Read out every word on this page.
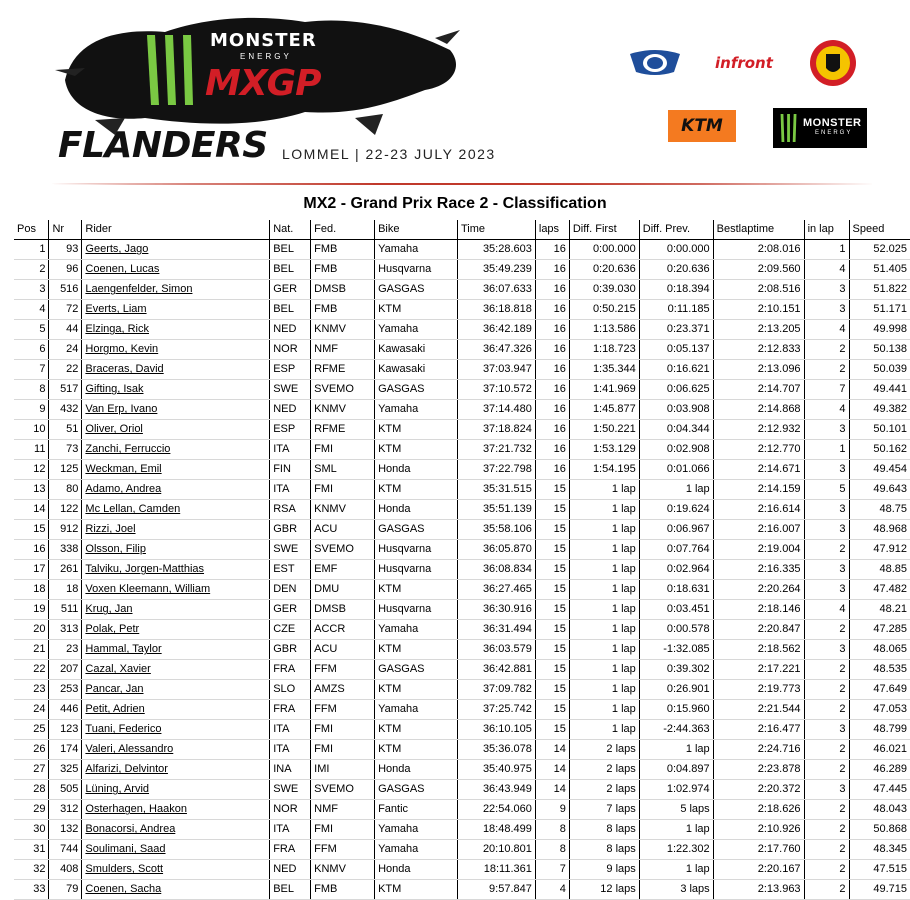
MONSTER
ENERGY
MXGP
FLANDERS LOMMEL | 22-23 JULY 2023
infront
KTM	MONSTER
ENERGY
MX2 - Grand Prix Race 2 - Classification
Pos	Nr	Rider	Nat.	Fed.	Bike	Time	laps	Diff. First	Diff. Prev.	Bestlaptime	in lap	Speed
1	93	Geerts, Jago	BEL	FMB	Yamaha	35:28.603	16	0:00.000	0:00.000	2:08.016	1	52.025
2	96	Coenen, Lucas	BEL	FMB	Husqvarna	35:49.239	16	0:20.636	0:20.636	2:09.560	4	51.405
3	516	Laengenfelder, Simon	GER	DMSB	GASGAS	36:07.633	16	0:39.030	0:18.394	2:08.516	3	51.822
4	72	Everts, Liam	BEL	FMB	KTM	36:18.818	16	0:50.215	0:11.185	2:10.151	3	51.171
5	44	Elzinga, Rick	NED	KNMV	Yamaha	36:42.189	16	1:13.586	0:23.371	2:13.205	4	49.998
6	24	Horgmo, Kevin	NOR	NMF	Kawasaki	36:47.326	16	1:18.723	0:05.137	2:12.833	2	50.138
7	22	Braceras, David	ESP	RFME	Kawasaki	37:03.947	16	1:35.344	0:16.621	2:13.096	2	50.039
8	517	Gifting, Isak	SWE	SVEMO	GASGAS	37:10.572	16	1:41.969	0:06.625	2:14.707	7	49.441
9	432	Van Erp, Ivano	NED	KNMV	Yamaha	37:14.480	16	1:45.877	0:03.908	2:14.868	4	49.382
10	51	Oliver, Oriol	ESP	RFME	KTM	37:18.824	16	1:50.221	0:04.344	2:12.932	3	50.101
11	73	Zanchi, Ferruccio	ITA	FMI	KTM	37:21.732	16	1:53.129	0:02.908	2:12.770	1	50.162
12	125	Weckman, Emil	FIN	SML	Honda	37:22.798	16	1:54.195	0:01.066	2:14.671	3	49.454
13	80	Adamo, Andrea	ITA	FMI	KTM	35:31.515	15	1 lap	1 lap	2:14.159	5	49.643
14	122	Mc Lellan, Camden	RSA	KNMV	Honda	35:51.139	15	1 lap	0:19.624	2:16.614	3	48.75
15	912	Rizzi, Joel	GBR	ACU	GASGAS	35:58.106	15	1 lap	0:06.967	2:16.007	3	48.968
16	338	Olsson, Filip	SWE	SVEMO	Husqvarna	36:05.870	15	1 lap	0:07.764	2:19.004	2	47.912
17	261	Talviku, Jorgen-Matthias	EST	EMF	Husqvarna	36:08.834	15	1 lap	0:02.964	2:16.335	3	48.85
18	18	Voxen Kleemann, William	DEN	DMU	KTM	36:27.465	15	1 lap	0:18.631	2:20.264	3	47.482
19	511	Krug, Jan	GER	DMSB	Husqvarna	36:30.916	15	1 lap	0:03.451	2:18.146	4	48.21
20	313	Polak, Petr	CZE	ACCR	Yamaha	36:31.494	15	1 lap	0:00.578	2:20.847	2	47.285
21	23	Hammal, Taylor	GBR	ACU	KTM	36:03.579	15	1 lap	-1:32.085	2:18.562	3	48.065
22	207	Cazal, Xavier	FRA	FFM	GASGAS	36:42.881	15	1 lap	0:39.302	2:17.221	2	48.535
23	253	Pancar, Jan	SLO	AMZS	KTM	37:09.782	15	1 lap	0:26.901	2:19.773	2	47.649
24	446	Petit, Adrien	FRA	FFM	Yamaha	37:25.742	15	1 lap	0:15.960	2:21.544	2	47.053
25	123	Tuani, Federico	ITA	FMI	KTM	36:10.105	15	1 lap	-2:44.363	2:16.477	3	48.799
26	174	Valeri, Alessandro	ITA	FMI	KTM	35:36.078	14	2 laps	1 lap	2:24.716	2	46.021
27	325	Alfarizi, Delvintor	INA	IMI	Honda	35:40.975	14	2 laps	0:04.897	2:23.878	2	46.289
28	505	Lüning, Arvid	SWE	SVEMO	GASGAS	36:43.949	14	2 laps	1:02.974	2:20.372	3	47.445
29	312	Osterhagen, Haakon	NOR	NMF	Fantic	22:54.060	9	7 laps	5 laps	2:18.626	2	48.043
30	132	Bonacorsi, Andrea	ITA	FMI	Yamaha	18:48.499	8	8 laps	1 lap	2:10.926	2	50.868
31	744	Soulimani, Saad	FRA	FFM	Yamaha	20:10.801	8	8 laps	1:22.302	2:17.760	2	48.345
32	408	Smulders, Scott	NED	KNMV	Honda	18:11.361	7	9 laps	1 lap	2:20.167	2	47.515
33	79	Coenen, Sacha	BEL	FMB	KTM	9:57.847	4	12 laps	3 laps	2:13.963	2	49.715
